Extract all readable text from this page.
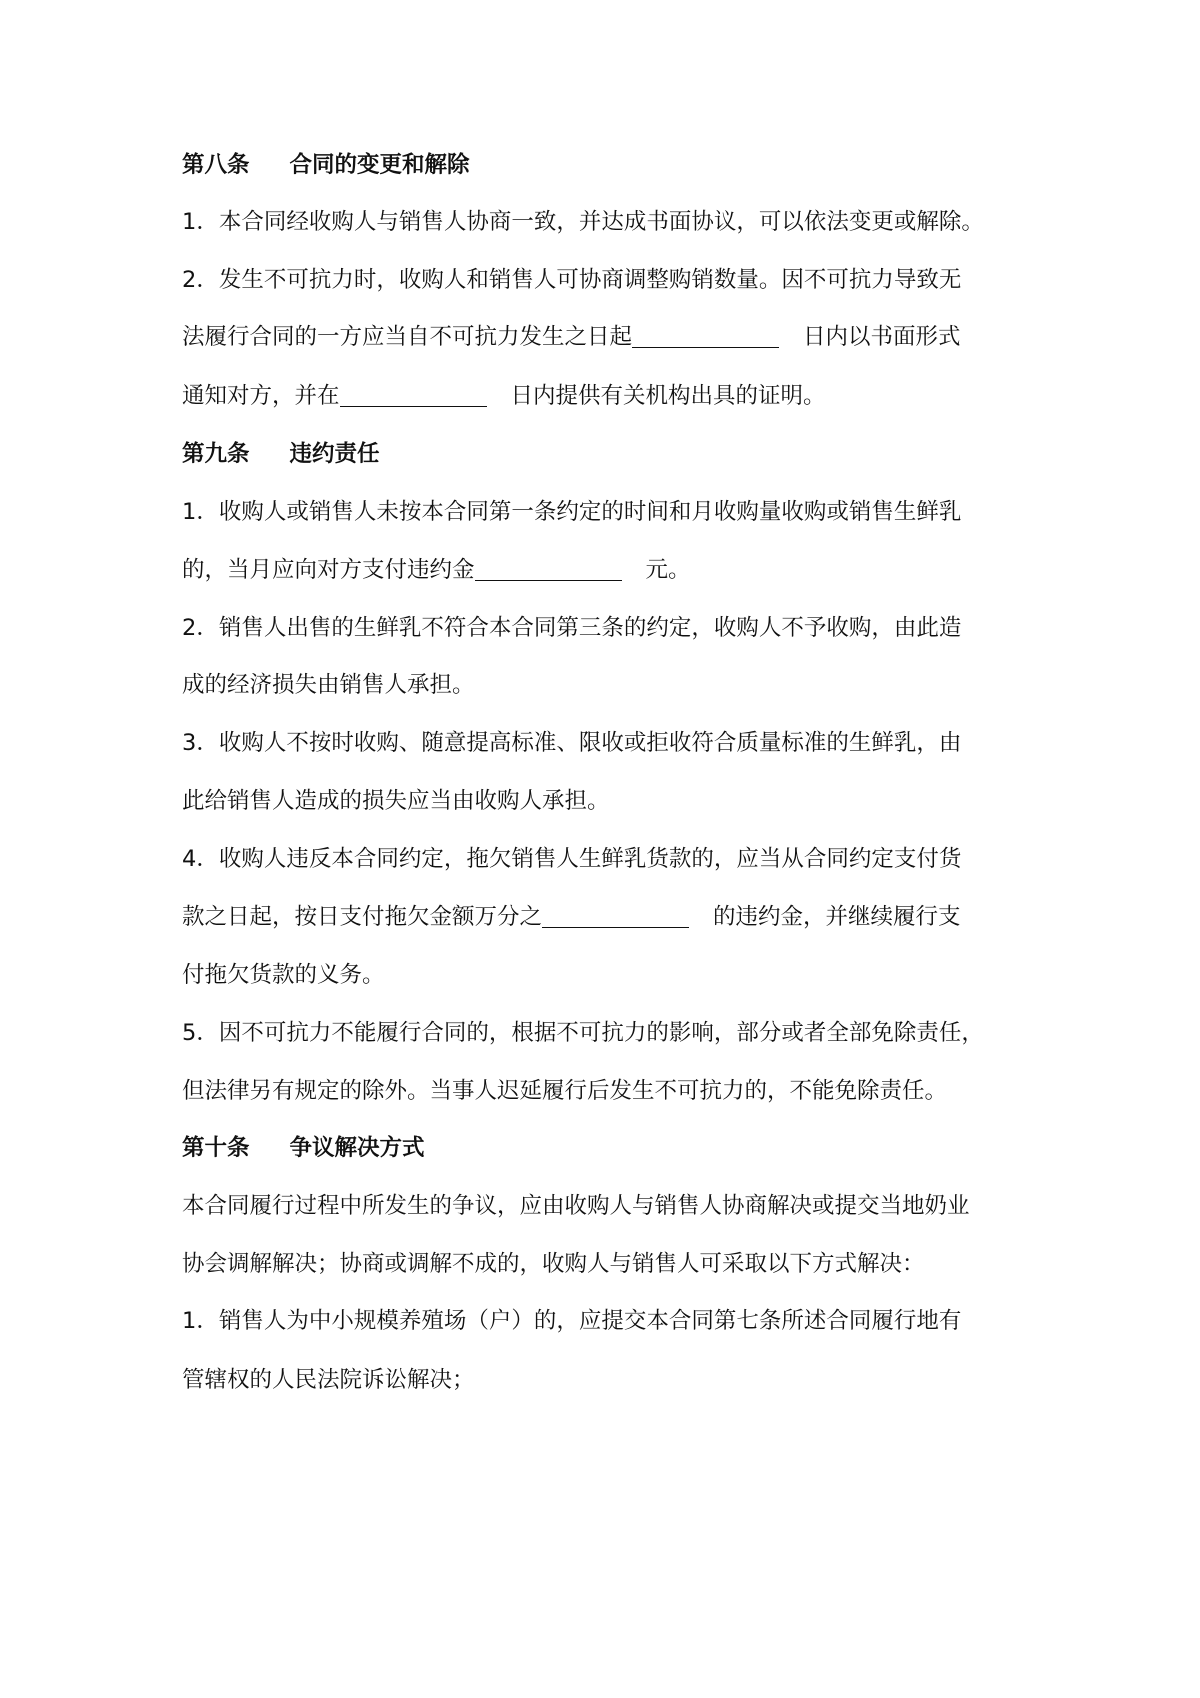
第八条 合同的变更和解除
1．本合同经收购人与销售人协商一致，并达成书面协议，可以依法变更或解除。
2．发生不可抗力时，收购人和销售人可协商调整购销数量。因不可抗力导致无
法履行合同的一方应当自不可抗力发生之日起	日内以书面形式
通知对方，并在	日内提供有关机构出具的证明。
第九条 违约责任
1．收购人或销售人未按本合同第一条约定的时间和月收购量收购或销售生鲜乳
的，当月应向对方支付违约金	元。
2．销售人出售的生鲜乳不符合本合同第三条的约定，收购人不予收购，由此造
成的经济损失由销售人承担。
3．收购人不按时收购、随意提高标准、限收或拒收符合质量标准的生鲜乳，由
此给销售人造成的损失应当由收购人承担。
4．收购人违反本合同约定，拖欠销售人生鲜乳货款的，应当从合同约定支付货
款之日起，按日支付拖欠金额万分之	的违约金，并继续履行支
付拖欠货款的义务。
5．因不可抗力不能履行合同的，根据不可抗力的影响，部分或者全部免除责任，
但法律另有规定的除外。当事人迟延履行后发生不可抗力的，不能免除责任。
第十条 争议解决方式
本合同履行过程中所发生的争议，应由收购人与销售人协商解决或提交当地奶业
协会调解解决；协商或调解不成的，收购人与销售人可采取以下方式解决：
1．销售人为中小规模养殖场（户）的，应提交本合同第七条所述合同履行地有
管辖权的人民法院诉讼解决；
